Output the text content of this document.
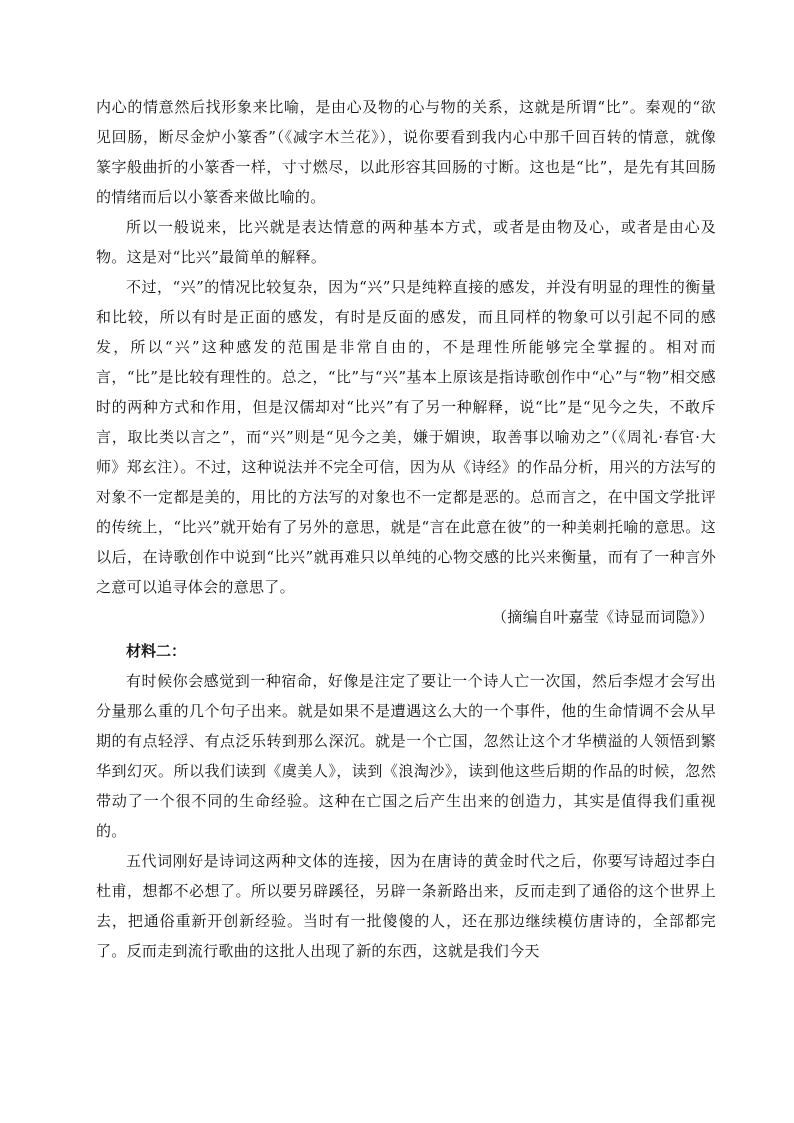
内心的情意然后找形象来比喻，是由心及物的心与物的关系，这就是所谓“比”。秦观的“欲见回肠，断尽金炉小篆香”（《减字木兰花》），说你要看到我内心中那千回百转的情意，就像篆字般曲折的小篆香一样，寸寸燃尽，以此形容其回肠的寸断。这也是“比”，是先有其回肠的情绪而后以小篆香来做比喻的。

所以一般说来，比兴就是表达情意的两种基本方式，或者是由物及心，或者是由心及物。这是对“比兴”最简单的解释。

不过，“兴”的情况比较复杂，因为“兴”只是纯粹直接的感发，并没有明显的理性的衡量和比较，所以有时是正面的感发，有时是反面的感发，而且同样的物象可以引起不同的感发，所以“兴”这种感发的范围是非常自由的，不是理性所能够完全掌握的。相对而言，“比”是比较有理性的。总之，“比”与“兴”基本上原该是指诗歌创作中“心”与“物”相交感时的两种方式和作用，但是汉儒却对“比兴”有了另一种解释，说“比”是“见今之失，不敢斥言，取比类以言之”，而“兴”则是“见今之美，嫌于媚谀，取善事以喻劝之”（《周礼·春官·大师》郑玄注）。不过，这种说法并不完全可信，因为从《诗经》的作品分析，用兴的方法写的对象不一定都是美的，用比的方法写的对象也不一定都是恶的。总而言之，在中国文学批评的传统上，“比兴”就开始有了另外的意思，就是“言在此意在彼”的一种美刺托喻的意思。这以后，在诗歌创作中说到“比兴”就再难只以单纯的心物交感的比兴来衡量，而有了一种言外之意可以追寻体会的意思了。

（摘编自叶嘉莹《诗显而词隐》）

材料二：

有时候你会感觉到一种宿命，好像是注定了要让一个诗人亡一次国，然后李煜才会写出分量那么重的几个句子出来。就是如果不是遭遇这么大的一个事件，他的生命情调不会从早期的有点轻浮、有点泛乐转到那么深沉。就是一个亡国，忽然让这个才华横溢的人领悟到繁华到幻灭。所以我们读到《虞美人》，读到《浪淘沙》，读到他这些后期的作品的时候，忽然带动了一个很不同的生命经验。这种在亡国之后产生出来的创造力，其实是值得我们重视的。

五代词刚好是诗词这两种文体的连接，因为在唐诗的黄金时代之后，你要写诗超过李白杜甫，想都不必想了。所以要另辟蹊径，另辟一条新路出来，反而走到了通俗的这个世界上去，把通俗重新开创新经验。当时有一批傻傻的人，还在那边继续模仿唐诗的，全部都完了。反而走到流行歌曲的这批人出现了新的东西，这就是我们今天
